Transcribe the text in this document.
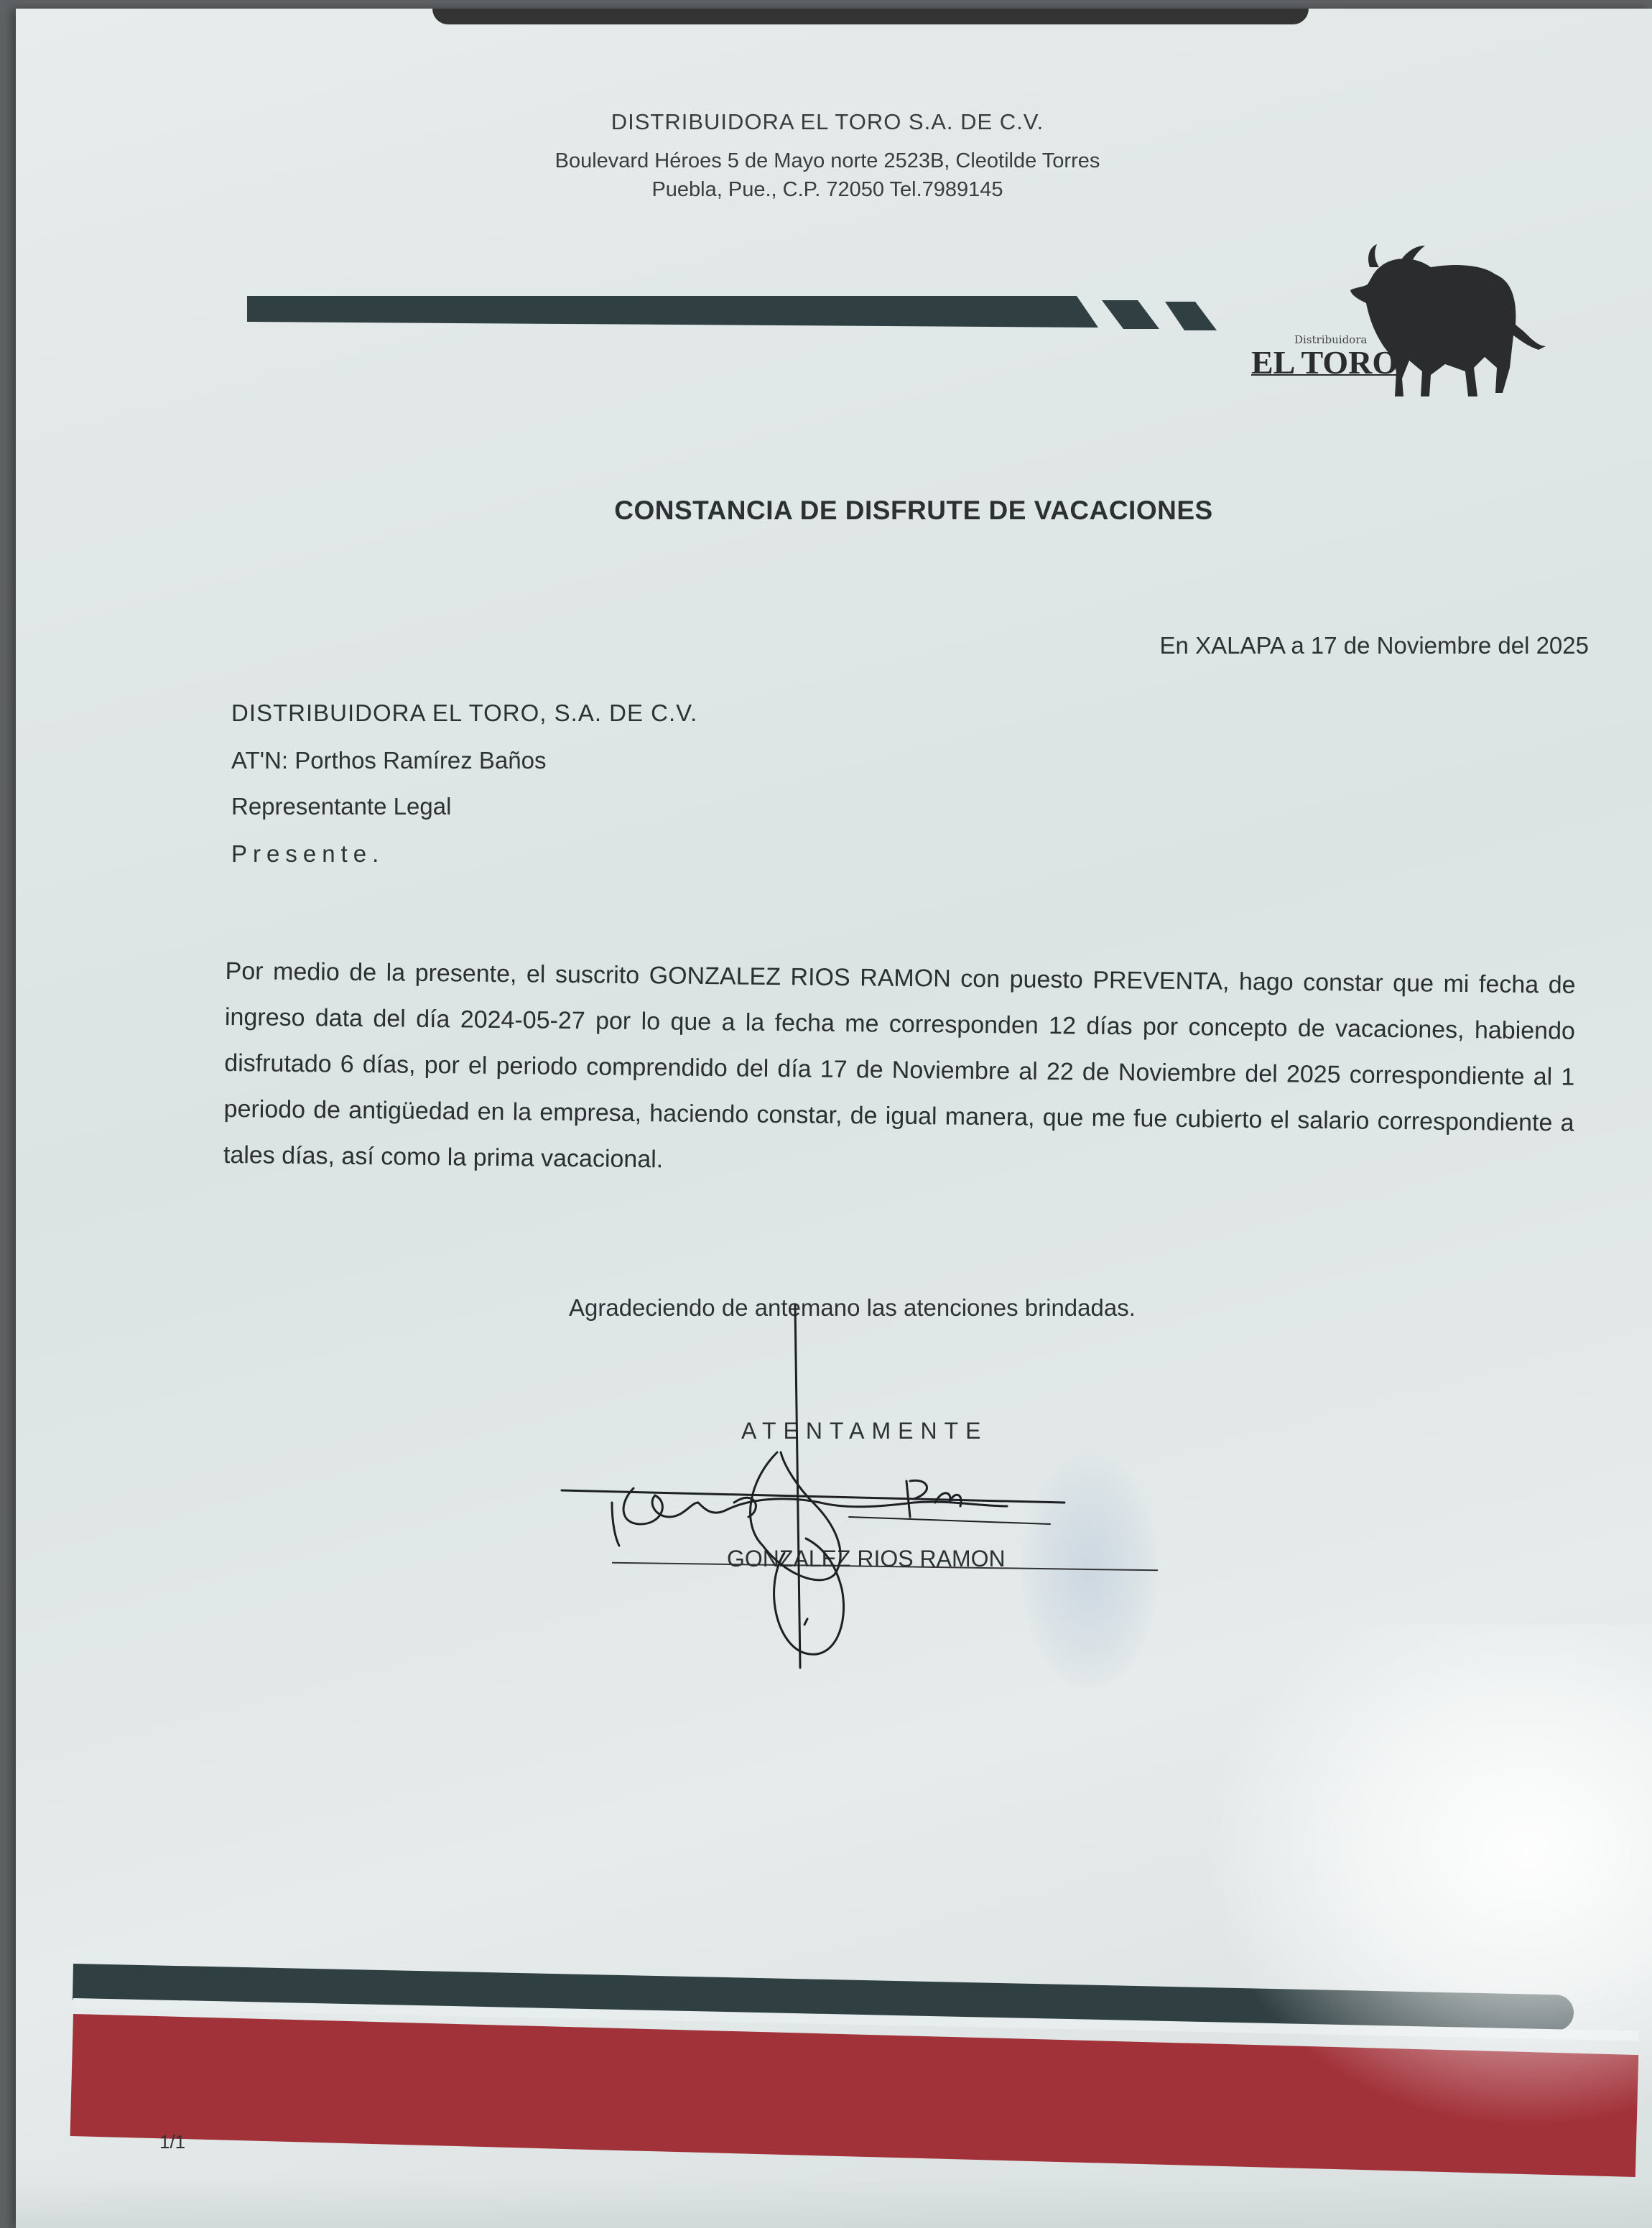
DISTRIBUIDORA EL TORO S.A. DE C.V.
Boulevard Héroes 5 de Mayo norte 2523B, Cleotilde Torres
Puebla, Pue., C.P. 72050 Tel.7989145
Distribuidora
EL TORO
CONSTANCIA DE DISFRUTE DE VACACIONES
En XALAPA a 17 de Noviembre del 2025
DISTRIBUIDORA EL TORO, S.A. DE C.V.
AT'N: Porthos Ramírez Baños
Representante Legal
Presente.
Por medio de la presente, el suscrito GONZALEZ RIOS RAMON con puesto PREVENTA, hago constar que mi fecha de ingreso data del día 2024-05-27 por lo que a la fecha me corresponden 12 días por concepto de vacaciones, habiendo disfrutado 6 días, por el periodo comprendido del día 17 de Noviembre al 22 de Noviembre del 2025 correspondiente al 1 periodo de antigüedad en la empresa, haciendo constar, de igual manera, que me fue cubierto el salario correspondiente a tales días, así como la prima vacacional.
Agradeciendo de antemano las atenciones brindadas.
ATENTAMENTE
GONZALEZ RIOS RAMON
1/1
